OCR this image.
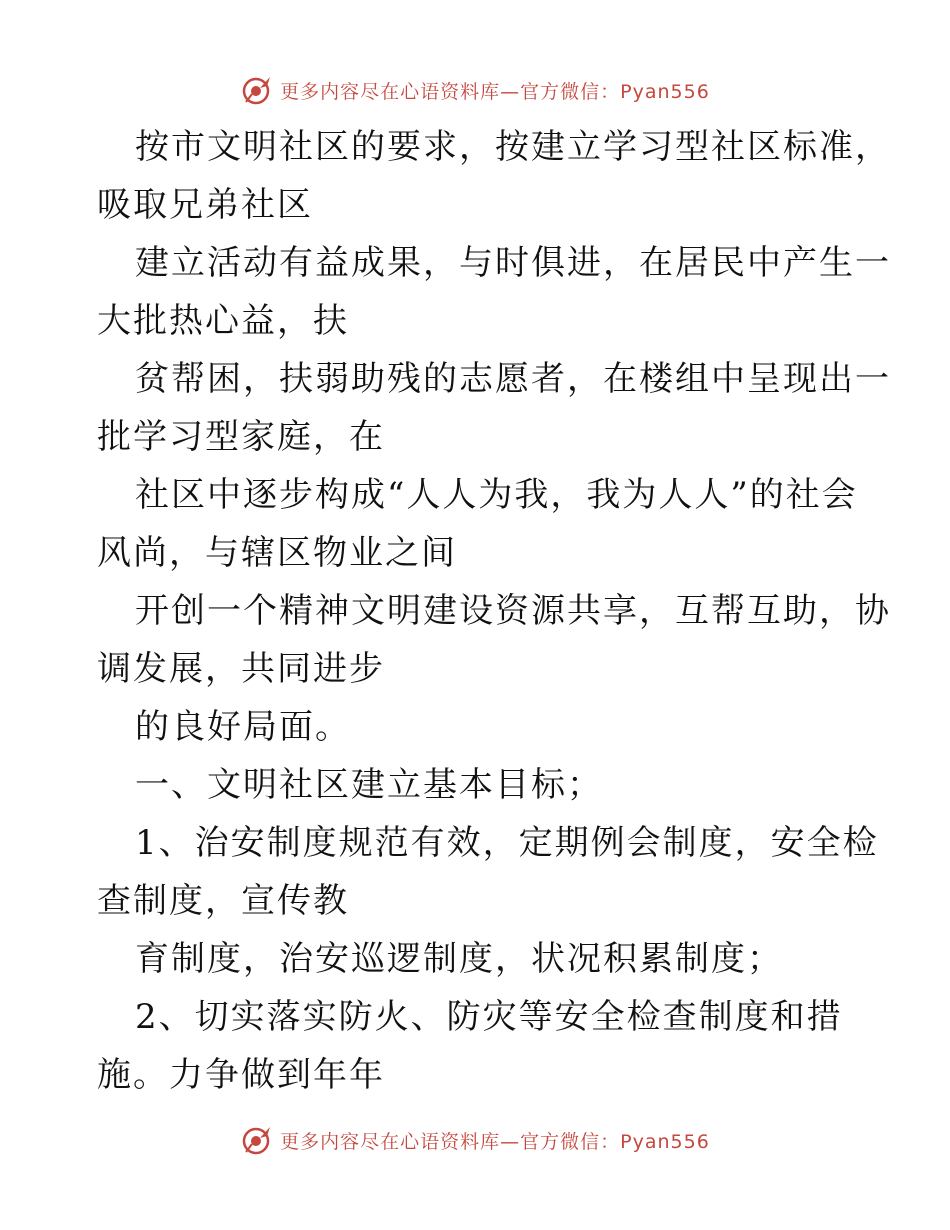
更多内容尽在心语资料库—官方微信：Pyan556
按市文明社区的要求，按建立学习型社区标准，
吸取兄弟社区
建立活动有益成果，与时俱进，在居民中产生一
大批热心益，扶
贫帮困，扶弱助残的志愿者，在楼组中呈现出一
批学习型家庭，在
社区中逐步构成“人人为我，我为人人”的社会
风尚，与辖区物业之间
开创一个精神文明建设资源共享，互帮互助，协
调发展，共同进步
的良好局面。
一、文明社区建立基本目标；
1、治安制度规范有效，定期例会制度，安全检
查制度，宣传教
育制度，治安巡逻制度，状况积累制度；
2、切实落实防火、防灾等安全检查制度和措
施。力争做到年年
更多内容尽在心语资料库—官方微信：Pyan556
